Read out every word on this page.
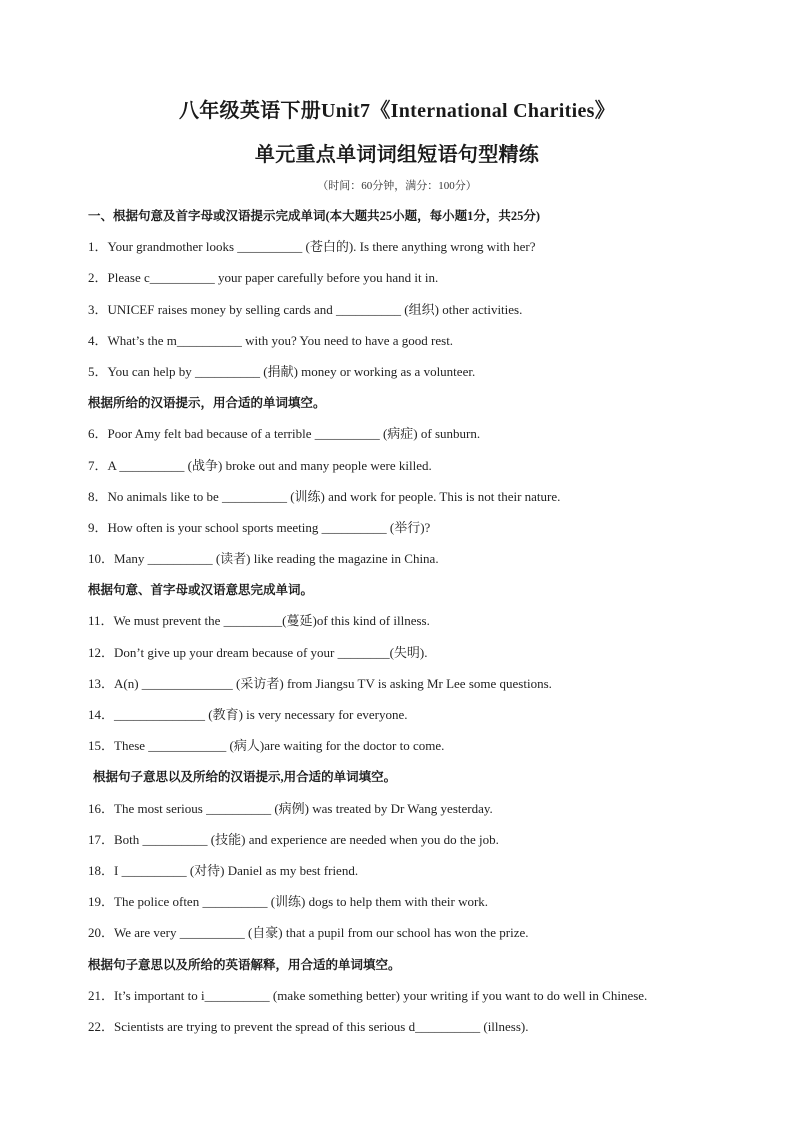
八年级英语下册Unit7《International Charities》
单元重点单词词组短语句型精练
（时间：60分钟，满分：100分）
一、根据句意及首字母或汉语提示完成单词(本大题共25小题，每小题1分，共25分)
1．Your grandmother looks __________ (苍白的). Is there anything wrong with her?
2．Please c__________ your paper carefully before you hand it in.
3．UNICEF raises money by selling cards and __________ (组织) other activities.
4．What’s the m__________ with you? You need to have a good rest.
5．You can help by __________ (捐献) money or working as a volunteer.
根据所给的汉语提示，用合适的单词填空。
6．Poor Amy felt bad because of a terrible __________ (病症) of sunburn.
7．A __________ (战争) broke out and many people were killed.
8．No animals like to be __________ (训练) and work for people. This is not their nature.
9．How often is your school sports meeting __________ (举行)?
10．Many __________ (读者) like reading the magazine in China.
根据句意、首字母或汉语意思完成单词。
11．We must prevent the _________(蔓延)of this kind of illness.
12．Don’t give up your dream because of your ________(失明).
13．A(n) ______________ (采访者) from Jiangsu TV is asking Mr Lee some questions.
14．______________ (教育) is very necessary for everyone.
15．These ____________ (病人)are waiting for the doctor to come.
根据句子意思以及所给的汉语提示,用合适的单词填空。
16．The most serious __________ (病例) was treated by Dr Wang yesterday.
17．Both __________ (技能) and experience are needed when you do the job.
18．I __________ (对待) Daniel as my best friend.
19．The police often __________ (训练) dogs to help them with their work.
20．We are very __________ (自豪) that a pupil from our school has won the prize.
根据句子意思以及所给的英语解释，用合适的单词填空。
21．It’s important to i__________ (make something better) your writing if you want to do well in Chinese.
22．Scientists are trying to prevent the spread of this serious d__________ (illness).
